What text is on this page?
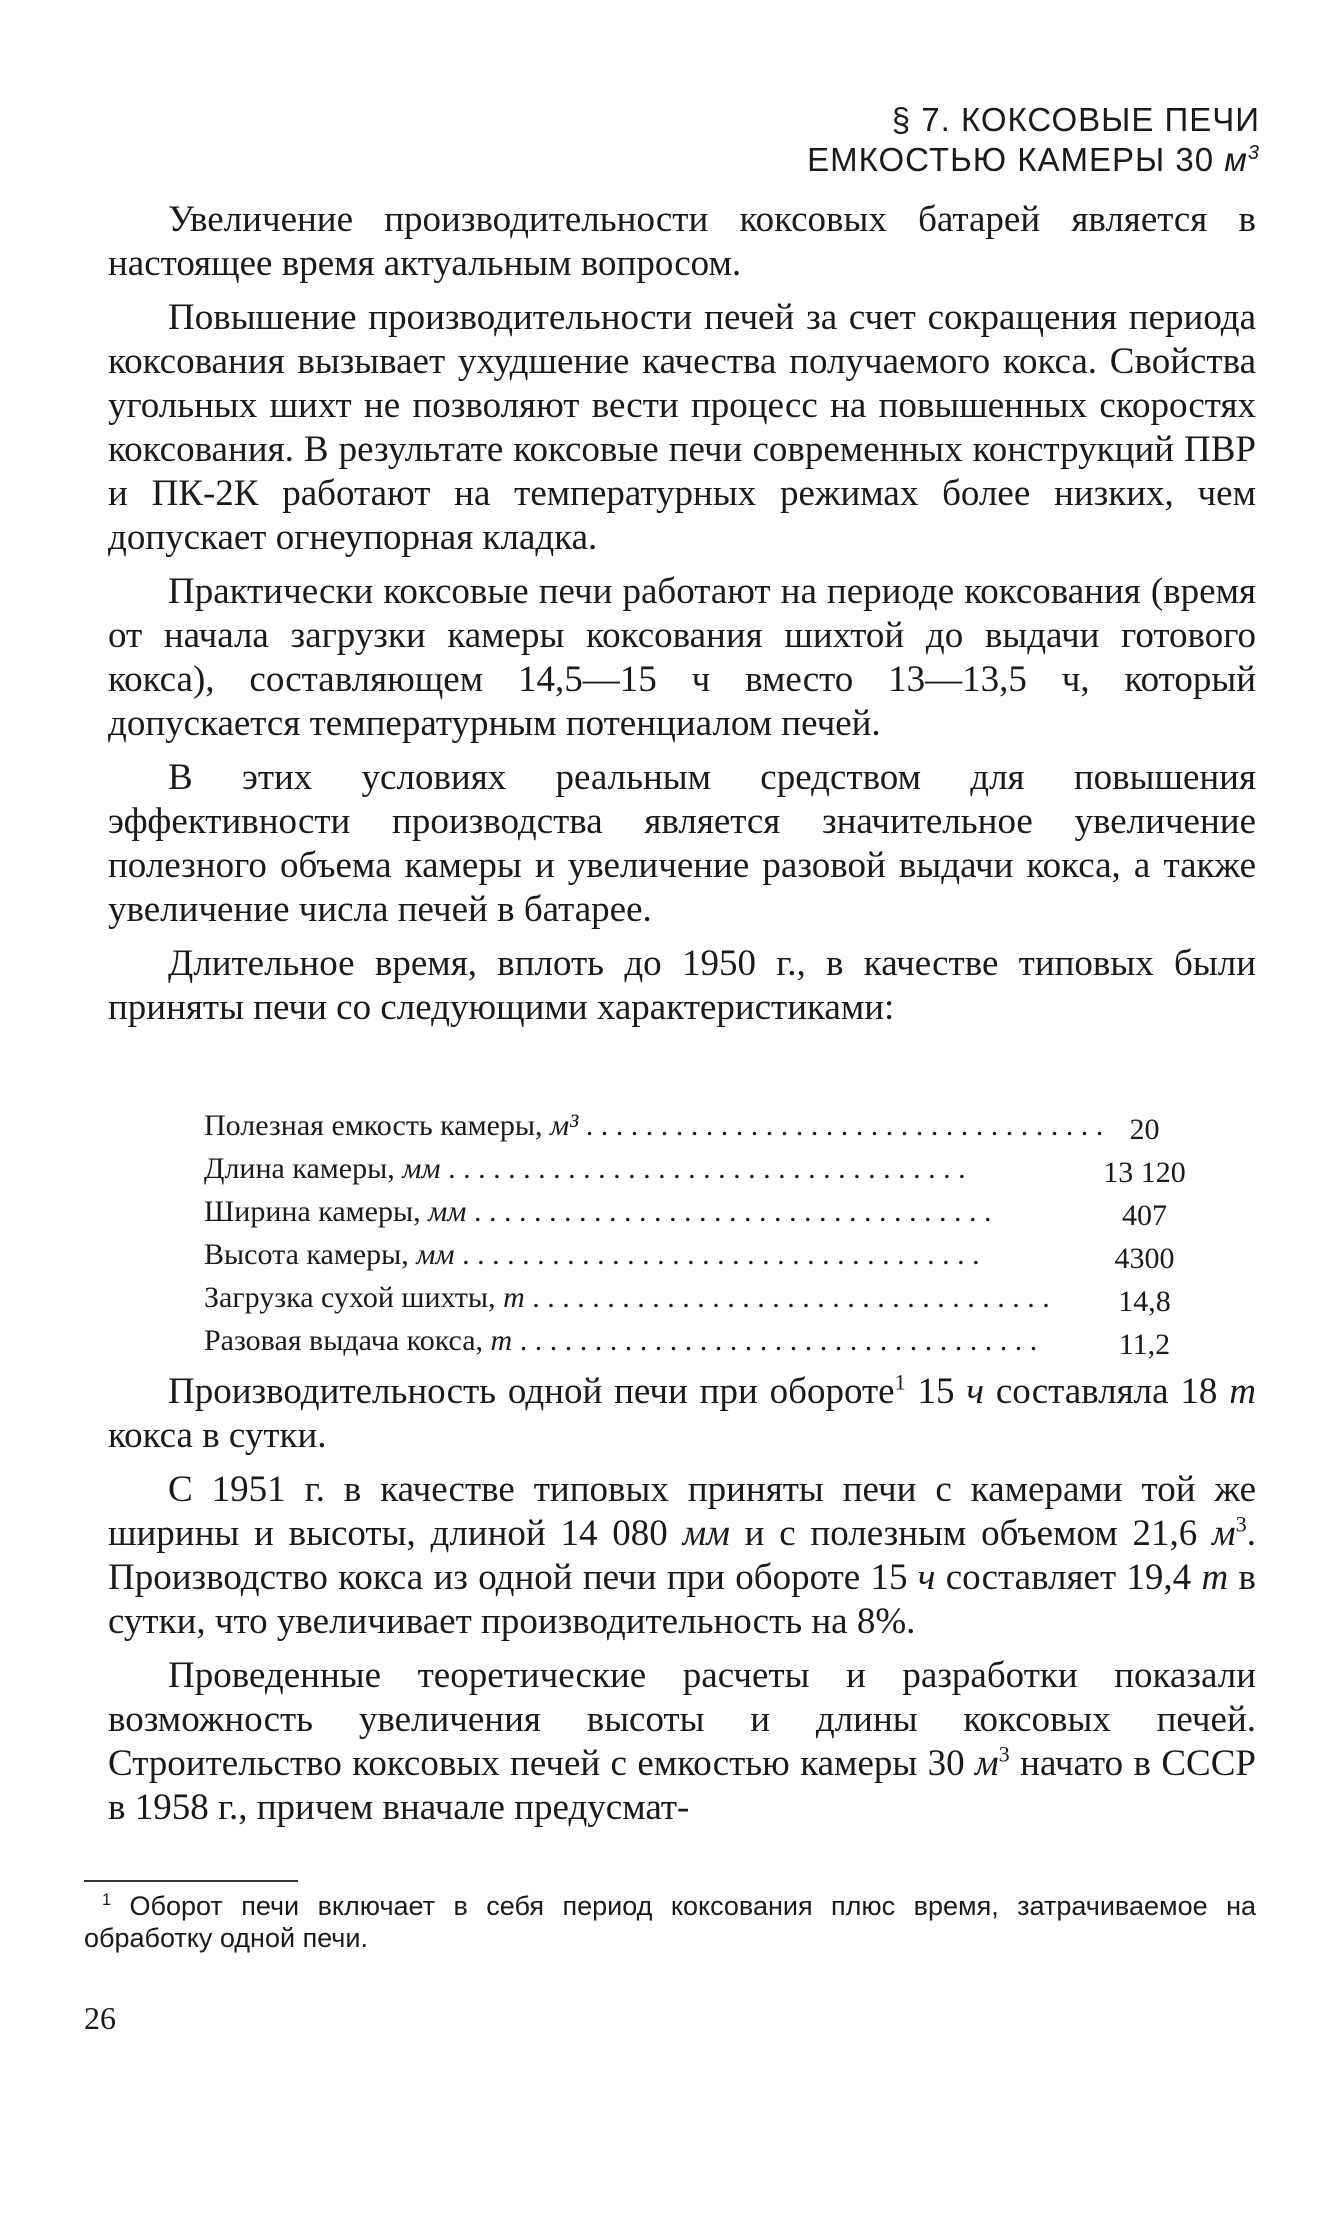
§ 7. КОКСОВЫЕ ПЕЧИ
ЕМКОСТЬЮ КАМЕРЫ 30 $м^3$

Увеличение производительности коксовых батарей является в настоящее время актуальным вопросом.

Повышение производительности печей за счет сокращения периода коксования вызывает ухудшение качества получаемого кокса. Свойства угольных шихт не позволяют вести процесс на повышенных скоростях коксования. В результате коксовые печи современных конструкций ПВР и ПК-2К работают на температурных режимах более низких, чем допускает огнеупорная кладка.

Практически коксовые печи работают на периоде коксования (время от начала загрузки камеры коксования шихтой до выдачи готового кокса), составляющем 14,5—15 ч вместо 13—13,5 ч, который допускается температурным потенциалом печей.

В этих условиях реальным средством для повышения эффективности производства является значительное увеличение полезного объема камеры и увеличение разовой выдачи кокса, а также увеличение числа печей в батарее.

Длительное время, вплоть до 1950 г., в качестве типовых были приняты печи со следующими характеристиками:

Полезная емкость камеры, м³ . . . . . . . . . . . . . . . . . . . . . . . . . . . . . . . . . . .	20
Длина камеры, мм . . . . . . . . . . . . . . . . . . . . . . . . . . . . . . . . . . .	13 120
Ширина камеры, мм . . . . . . . . . . . . . . . . . . . . . . . . . . . . . . . . . . .	407
Высота камеры, мм . . . . . . . . . . . . . . . . . . . . . . . . . . . . . . . . . . .	4300
Загрузка сухой шихты, т . . . . . . . . . . . . . . . . . . . . . . . . . . . . . . . . . . .	14,8
Разовая выдача кокса, т . . . . . . . . . . . . . . . . . . . . . . . . . . . . . . . . . . .	11,2

Производительность одной печи при обороте$^1$ 15 ч составляла 18 т кокса в сутки.

С 1951 г. в качестве типовых приняты печи с камерами той же ширины и высоты, длиной 14 080 мм и с полезным объемом 21,6 $м^3$. Производство кокса из одной печи при обороте 15 ч составляет 19,4 т в сутки, что увеличивает производительность на 8%.

Проведенные теоретические расчеты и разработки показали возможность увеличения высоты и длины коксовых печей. Строительство коксовых печей с емкостью камеры 30 $м^3$ начато в СССР в 1958 г., причем вначале предусмат-

$^1$ Оборот печи включает в себя период коксования плюс время, затрачиваемое на обработку одной печи.

26
